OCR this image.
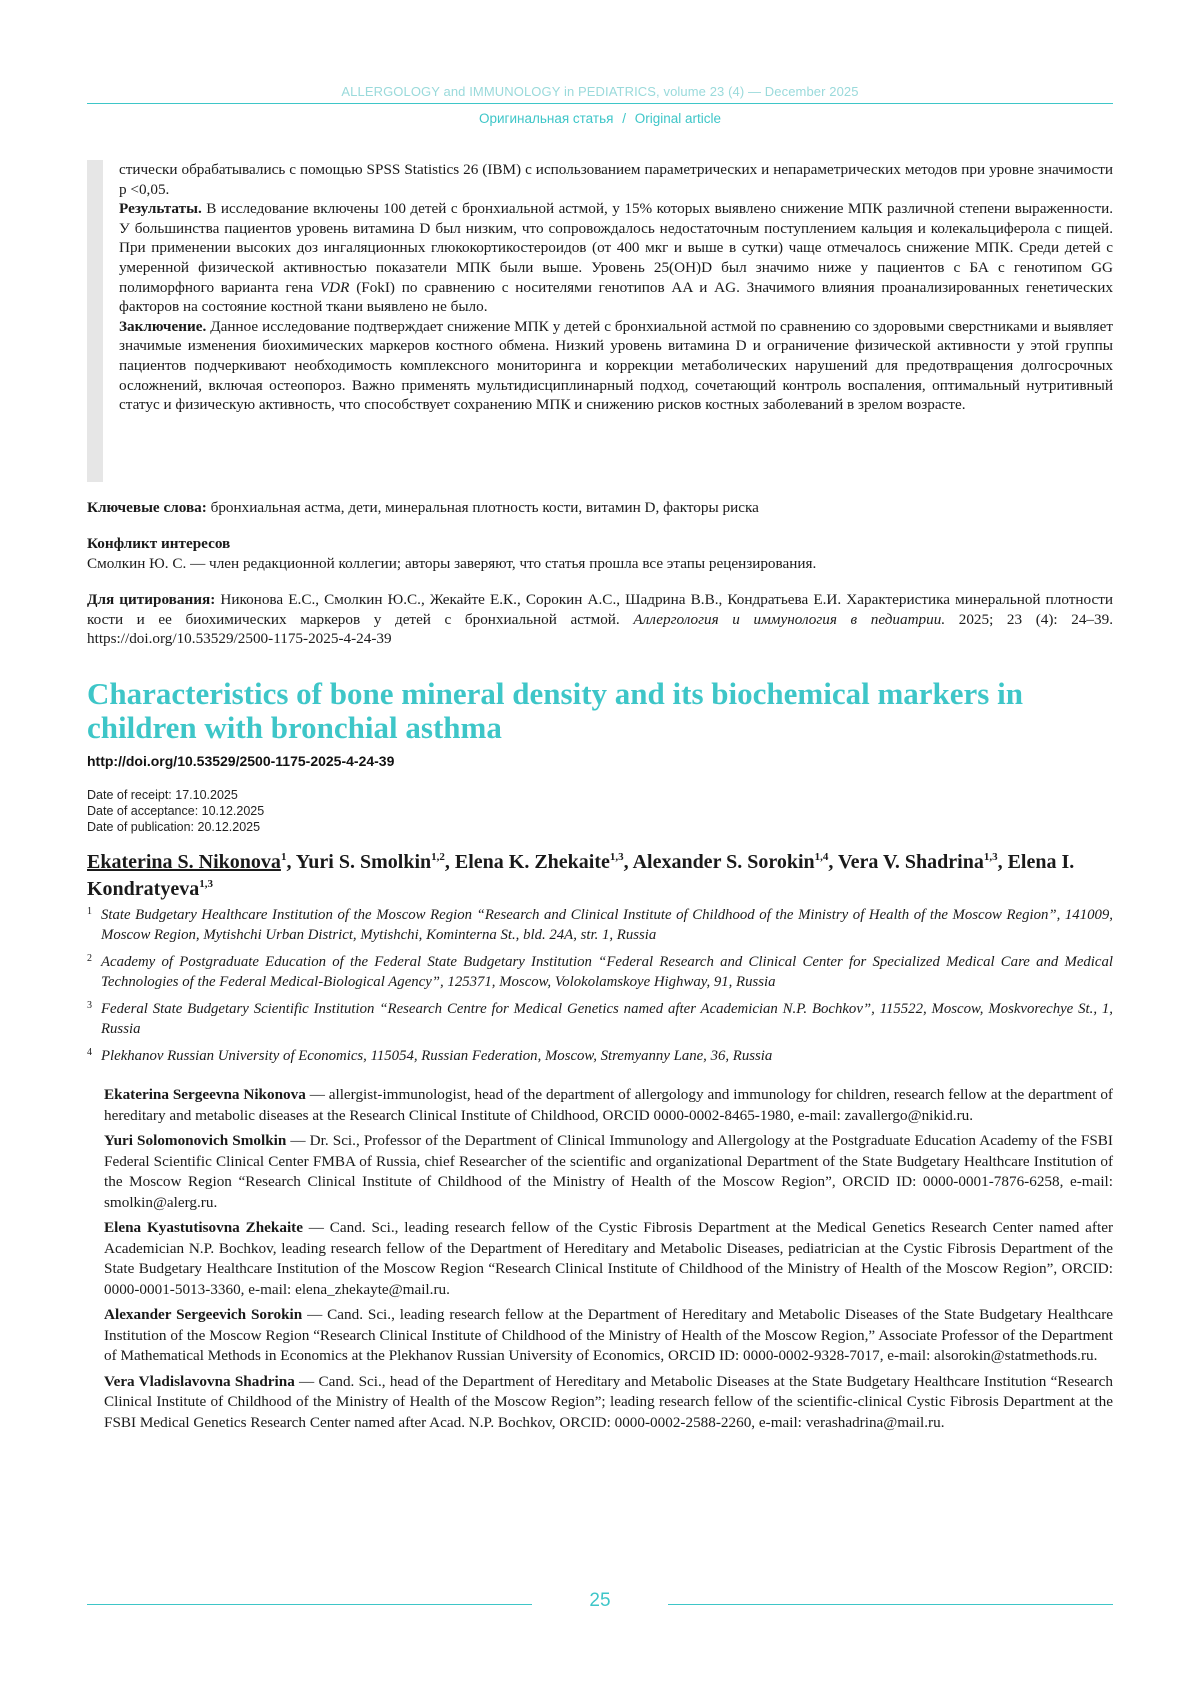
ALLERGOLOGY and IMMUNOLOGY in PEDIATRICS, volume 23 (4) — December 2025
Оригинальная статья / Original article

стически обрабатывались с помощью SPSS Statistics 26 (IBM) с использованием параметрических и непараметрических методов при уровне значимости p <0,05.

Результаты. В исследование включены 100 детей с бронхиальной астмой, у 15% которых выявлено снижение МПК различной степени выраженности. У большинства пациентов уровень витамина D был низким, что сопровождалось недостаточным поступлением кальция и колекальциферола с пищей. При применении высоких доз ингаляционных глюкокортикостероидов (от 400 мкг и выше в сутки) чаще отмечалось снижение МПК. Среди детей с умеренной физической активностью показатели МПК были выше. Уровень 25(OH)D был значимо ниже у пациентов с БА с генотипом GG полиморфного варианта гена VDR (FokI) по сравнению с носителями генотипов AA и AG. Значимого влияния проанализированных генетических факторов на состояние костной ткани выявлено не было.

Заключение. Данное исследование подтверждает снижение МПК у детей с бронхиальной астмой по сравнению со здоровыми сверстниками и выявляет значимые изменения биохимических маркеров костного обмена. Низкий уровень витамина D и ограничение физической активности у этой группы пациентов подчеркивают необходимость комплексного мониторинга и коррекции метаболических нарушений для предотвращения долгосрочных осложнений, включая остеопороз. Важно применять мультидисциплинарный подход, сочетающий контроль воспаления, оптимальный нутритивный статус и физическую активность, что способствует сохранению МПК и снижению рисков костных заболеваний в зрелом возрасте.

Ключевые слова: бронхиальная астма, дети, минеральная плотность кости, витамин D, факторы риска

Конфликт интересов

Смолкин Ю. С. — член редакционной коллегии; авторы заверяют, что статья прошла все этапы рецензирования.

Для цитирования: Никонова Е.С., Смолкин Ю.С., Жекайте Е.К., Сорокин А.С., Шадрина В.В., Кондратьева Е.И. Характеристика минеральной плотности кости и ее биохимических маркеров у детей с бронхиальной астмой. Аллергология и иммунология в педиатрии. 2025; 23 (4): 24–39. https://doi.org/10.53529/2500-1175-2025-4-24-39

Characteristics of bone mineral density and its biochemical markers in children with bronchial asthma
http://doi.org/10.53529/2500-1175-2025-4-24-39
Date of receipt: 17.10.2025
Date of acceptance: 10.12.2025
Date of publication: 20.12.2025
Ekaterina S. Nikonova$^1$, Yuri S. Smolkin$^{1,2}$, Elena K. Zhekaite$^{1,3}$, Alexander S. Sorokin$^{1,4}$, Vera V. Shadrina$^{1,3}$, Elena I. Kondratyeva$^{1,3}$
1 State Budgetary Healthcare Institution of the Moscow Region “Research and Clinical Institute of Childhood of the Ministry of Health of the Moscow Region”, 141009, Moscow Region, Mytishchi Urban District, Mytishchi, Kominterna St., bld. 24A, str. 1, Russia
2 Academy of Postgraduate Education of the Federal State Budgetary Institution “Federal Research and Clinical Center for Specialized Medical Care and Medical Technologies of the Federal Medical-Biological Agency”, 125371, Moscow, Volokolamskoye Highway, 91, Russia
3 Federal State Budgetary Scientific Institution “Research Centre for Medical Genetics named after Academician N.P. Bochkov”, 115522, Moscow, Moskvorechye St., 1, Russia
4 Plekhanov Russian University of Economics, 115054, Russian Federation, Moscow, Stremyanny Lane, 36, Russia
Ekaterina Sergeevna Nikonova — allergist-immunologist, head of the department of allergology and immunology for children, research fellow at the department of hereditary and metabolic diseases at the Research Clinical Institute of Childhood, ORCID 0000-0002-8465-1980, e-mail: zavallergo@nikid.ru.
Yuri Solomonovich Smolkin — Dr. Sci., Professor of the Department of Clinical Immunology and Allergology at the Postgraduate Education Academy of the FSBI Federal Scientific Clinical Center FMBA of Russia, chief Researcher of the scientific and organizational Department of the State Budgetary Healthcare Institution of the Moscow Region “Research Clinical Institute of Childhood of the Ministry of Health of the Moscow Region”, ORCID ID: 0000-0001-7876-6258, e-mail: smolkin@alerg.ru.
Elena Kyastutisovna Zhekaite — Cand. Sci., leading research fellow of the Cystic Fibrosis Department at the Medical Genetics Research Center named after Academician N.P. Bochkov, leading research fellow of the Department of Hereditary and Metabolic Diseases, pediatrician at the Cystic Fibrosis Department of the State Budgetary Healthcare Institution of the Moscow Region “Research Clinical Institute of Childhood of the Ministry of Health of the Moscow Region”, ORCID: 0000-0001-5013-3360, e-mail: elena_zhekayte@mail.ru.
Alexander Sergeevich Sorokin — Cand. Sci., leading research fellow at the Department of Hereditary and Metabolic Diseases of the State Budgetary Healthcare Institution of the Moscow Region “Research Clinical Institute of Childhood of the Ministry of Health of the Moscow Region,” Associate Professor of the Department of Mathematical Methods in Economics at the Plekhanov Russian University of Economics, ORCID ID: 0000-0002-9328-7017, e-mail: alsorokin@statmethods.ru.
Vera Vladislavovna Shadrina — Cand. Sci., head of the Department of Hereditary and Metabolic Diseases at the State Budgetary Healthcare Institution “Research Clinical Institute of Childhood of the Ministry of Health of the Moscow Region”; leading research fellow of the scientific-clinical Cystic Fibrosis Department at the FSBI Medical Genetics Research Center named after Acad. N.P. Bochkov, ORCID: 0000-0002-2588-2260, e-mail: verashadrina@mail.ru.
25
